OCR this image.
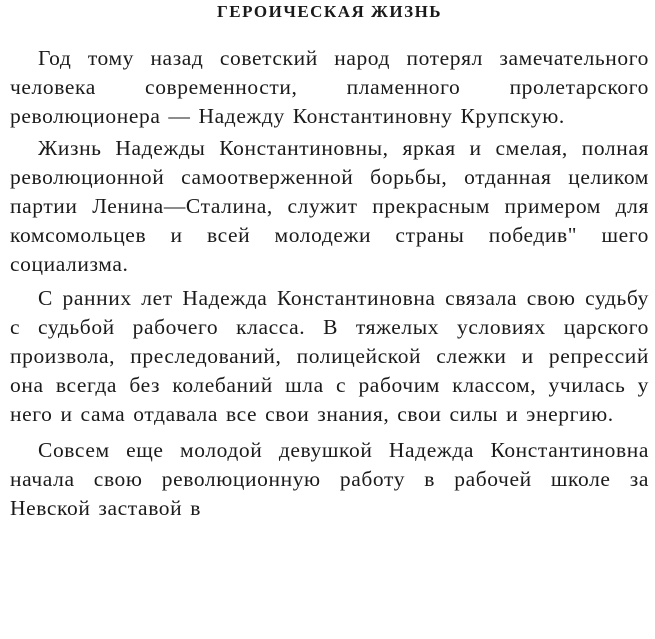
ГЕРОИЧЕСКАЯ ЖИЗНЬ

Год тому назад советский народ потерял замечательного человека современности, пламенного пролетарского революционера — Надежду Константиновну Крупскую.

Жизнь Надежды Константиновны, яркая и смелая, полная революционной самоотверженной борьбы, отданная целиком партии Ленина—Сталина, служит прекрасным примером для комсомольцев и всей молодежи страны победив" шего социализма.

С ранних лет Надежда Константиновна связала свою судьбу с судьбой рабочего класса. В тяжелых условиях царского произвола, преследований, полицейской слежки и репрессий она всегда без колебаний шла с рабочим классом, училась у него и сама отдавала все свои знания, свои силы и энергию.

Совсем еще молодой девушкой Надежда Константиновна начала свою революционную работу в рабочей школе за Невской заставой в
